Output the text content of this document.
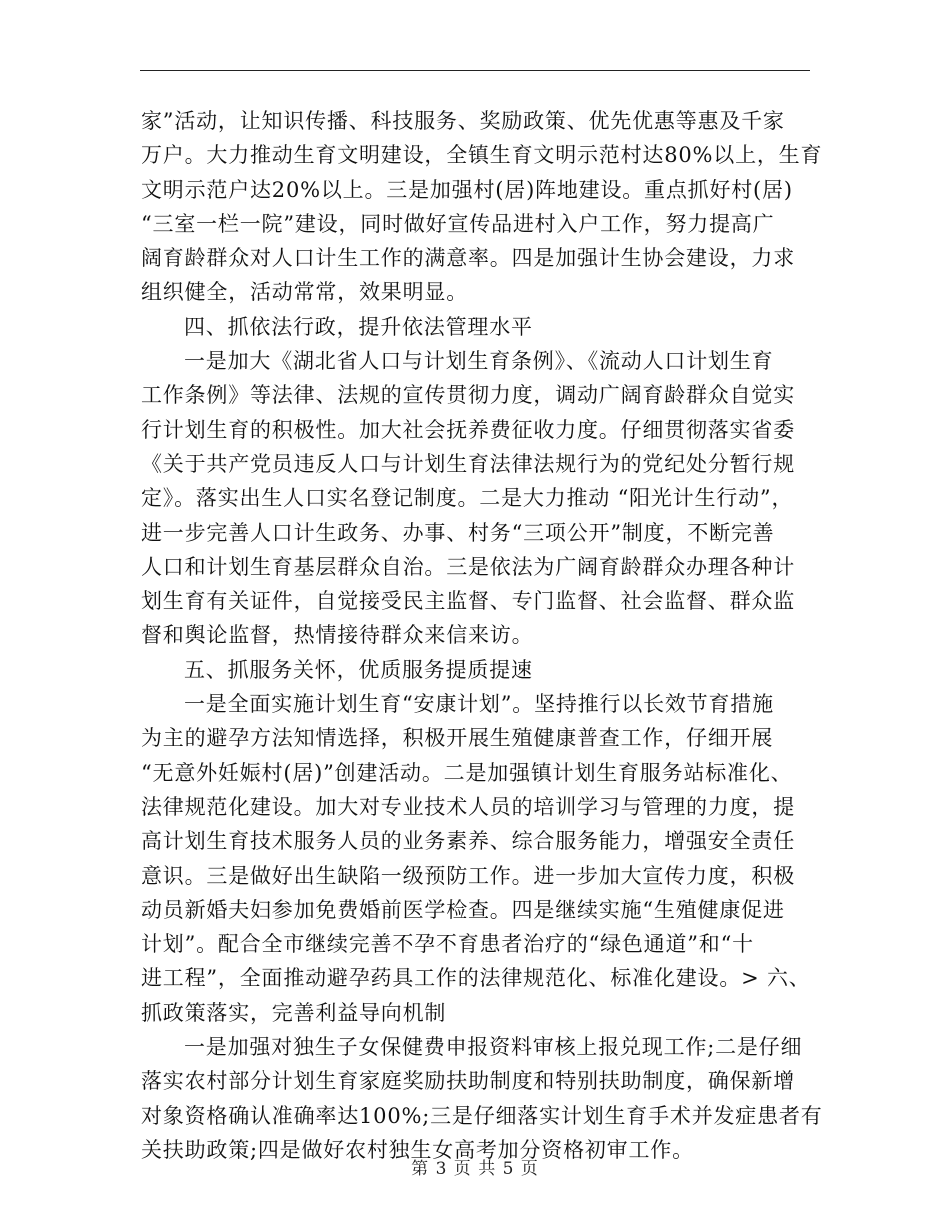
家”活动，让知识传播、科技服务、奖励政策、优先优惠等惠及千家
万户。大力推动生育文明建设，全镇生育文明示范村达80%以上，生育
文明示范户达20%以上。三是加强村(居)阵地建设。重点抓好村(居)
“三室一栏一院”建设，同时做好宣传品进村入户工作，努力提高广
阔育龄群众对人口计生工作的满意率。四是加强计生协会建设，力求
组织健全，活动常常，效果明显。
四、抓依法行政，提升依法管理水平
一是加大《湖北省人口与计划生育条例》、《流动人口计划生育
工作条例》等法律、法规的宣传贯彻力度，调动广阔育龄群众自觉实
行计划生育的积极性。加大社会抚养费征收力度。仔细贯彻落实省委
《关于共产党员违反人口与计划生育法律法规行为的党纪处分暂行规
定》。落实出生人口实名登记制度。二是大力推动 “阳光计生行动”，
进一步完善人口计生政务、办事、村务“三项公开”制度，不断完善
人口和计划生育基层群众自治。三是依法为广阔育龄群众办理各种计
划生育有关证件，自觉接受民主监督、专门监督、社会监督、群众监
督和舆论监督，热情接待群众来信来访。
五、抓服务关怀，优质服务提质提速
一是全面实施计划生育“安康计划”。坚持推行以长效节育措施
为主的避孕方法知情选择，积极开展生殖健康普查工作，仔细开展
“无意外妊娠村(居)”创建活动。二是加强镇计划生育服务站标准化、
法律规范化建设。加大对专业技术人员的培训学习与管理的力度，提
高计划生育技术服务人员的业务素养、综合服务能力，增强安全责任
意识。三是做好出生缺陷一级预防工作。进一步加大宣传力度，积极
动员新婚夫妇参加免费婚前医学检查。四是继续实施“生殖健康促进
计划”。配合全市继续完善不孕不育患者治疗的“绿色通道”和“十
进工程”，全面推动避孕药具工作的法律规范化、标准化建设。> 六、
抓政策落实，完善利益导向机制
一是加强对独生子女保健费申报资料审核上报兑现工作;二是仔细
落实农村部分计划生育家庭奖励扶助制度和特别扶助制度，确保新增
对象资格确认准确率达100%;三是仔细落实计划生育手术并发症患者有
关扶助政策;四是做好农村独生女高考加分资格初审工作。
第 3 页 共 5 页
